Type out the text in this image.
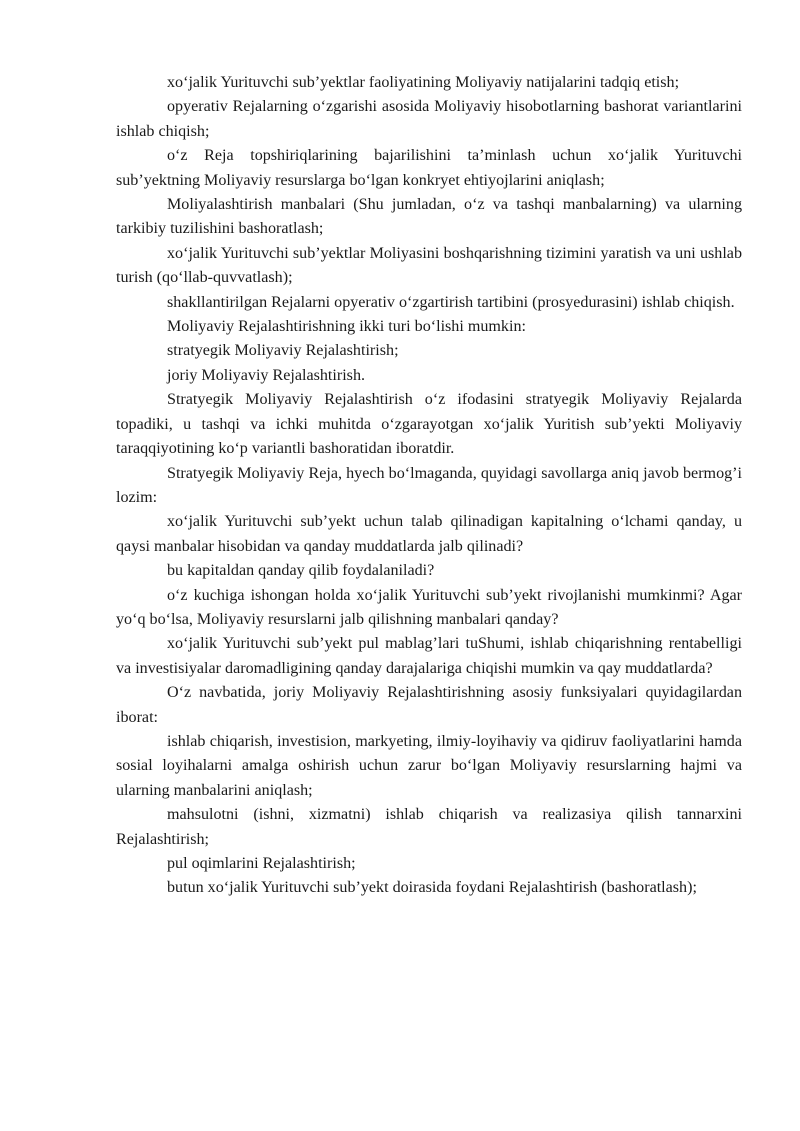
xo‘jalik Yurituvchi sub’yektlar faoliyatining Moliyaviy natijalarini tadqiq etish;

opyerativ Rejalarning o‘zgarishi asosida Moliyaviy hisobotlarning bashorat variantlarini ishlab chiqish;

o‘z Reja topshiriqlarining bajarilishini ta’minlash uchun xo‘jalik Yurituvchi sub’yektning Moliyaviy resurslarga bo‘lgan konkryet ehtiyojlarini aniqlash;

Moliyalashtirish manbalari (Shu jumladan, o‘z va tashqi manbalarning) va ularning tarkibiy tuzilishini bashoratlash;

xo‘jalik Yurituvchi sub’yektlar Moliyasini boshqarishning tizimini yaratish va uni ushlab turish (qo‘llab-quvvatlash);

shakllantirilgan Rejalarni opyerativ o‘zgartirish tartibini (prosyedurasini) ishlab chiqish.

Moliyaviy Rejalashtirishning ikki turi bo‘lishi mumkin:

stratyegik Moliyaviy Rejalashtirish;

joriy Moliyaviy Rejalashtirish.

Stratyegik Moliyaviy Rejalashtirish o‘z ifodasini stratyegik Moliyaviy Rejalarda topadiki, u tashqi va ichki muhitda o‘zgarayotgan xo‘jalik Yuritish sub’yekti Moliyaviy taraqqiyotining ko‘p variantli bashoratidan iboratdir.

Stratyegik Moliyaviy Reja, hyech bo‘lmaganda, quyidagi savollarga aniq javob bermog’i lozim:

xo‘jalik Yurituvchi sub’yekt uchun talab qilinadigan kapitalning o‘lchami qanday, u qaysi manbalar hisobidan va qanday muddatlarda jalb qilinadi?

bu kapitaldan qanday qilib foydalaniladi?

o‘z kuchiga ishongan holda xo‘jalik Yurituvchi sub’yekt rivojlanishi mumkinmi? Agar yo‘q bo‘lsa, Moliyaviy resurslarni jalb qilishning manbalari qanday?

xo‘jalik Yurituvchi sub’yekt pul mablag’lari tuShumi, ishlab chiqarishning rentabelligi va investisiyalar daromadligining qanday darajalariga chiqishi mumkin va qay muddatlarda?

O‘z navbatida, joriy Moliyaviy Rejalashtirishning asosiy funksiyalari quyidagilardan iborat:

ishlab chiqarish, investision, markyeting, ilmiy-loyihaviy va qidiruv faoliyatlarini hamda sosial loyihalarni amalga oshirish uchun zarur bo‘lgan Moliyaviy resurslarning hajmi va ularning manbalarini aniqlash;

mahsulotni (ishni, xizmatni) ishlab chiqarish va realizasiya qilish tannarxini Rejalashtirish;

pul oqimlarini Rejalashtirish;

butun xo‘jalik Yurituvchi sub’yekt doirasida foydani Rejalashtirish (bashoratlash);
